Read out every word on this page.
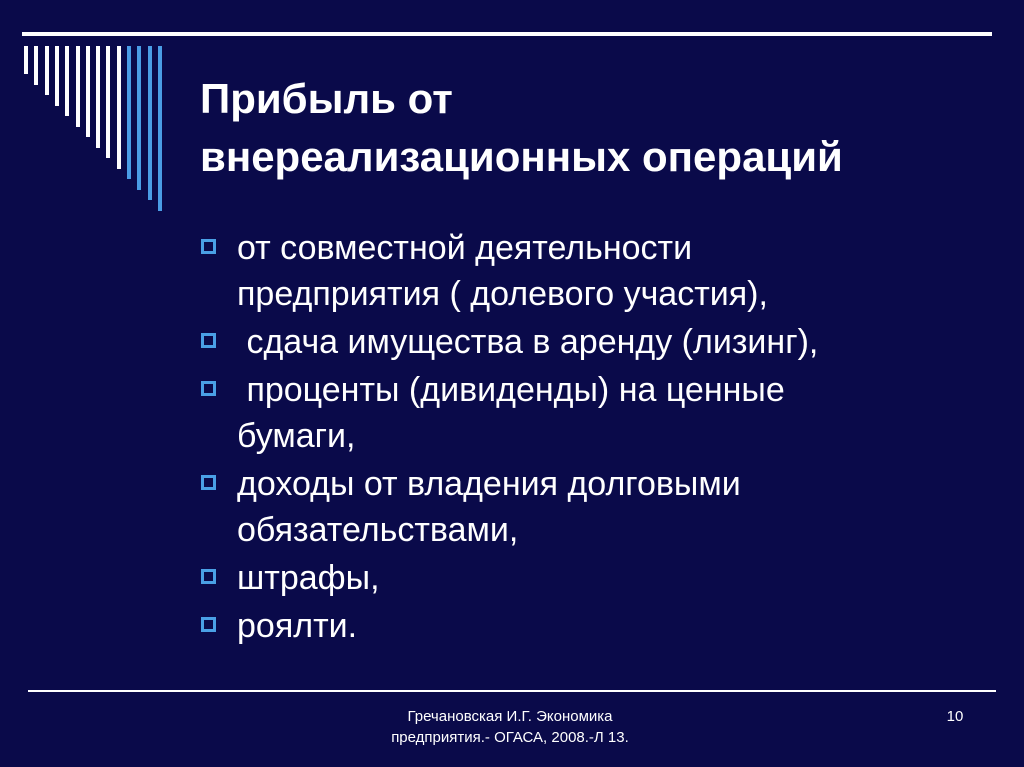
Прибыль от
внереализационных операций
от совместной деятельности
предприятия ( долевого участия),
сдача имущества в аренду (лизинг),
проценты (дивиденды) на ценные
бумаги,
доходы от владения долговыми
обязательствами,
штрафы,
роялти.
Гречановская И.Г. Экономика
предприятия.- ОГАСА, 2008.-Л 13.
10
